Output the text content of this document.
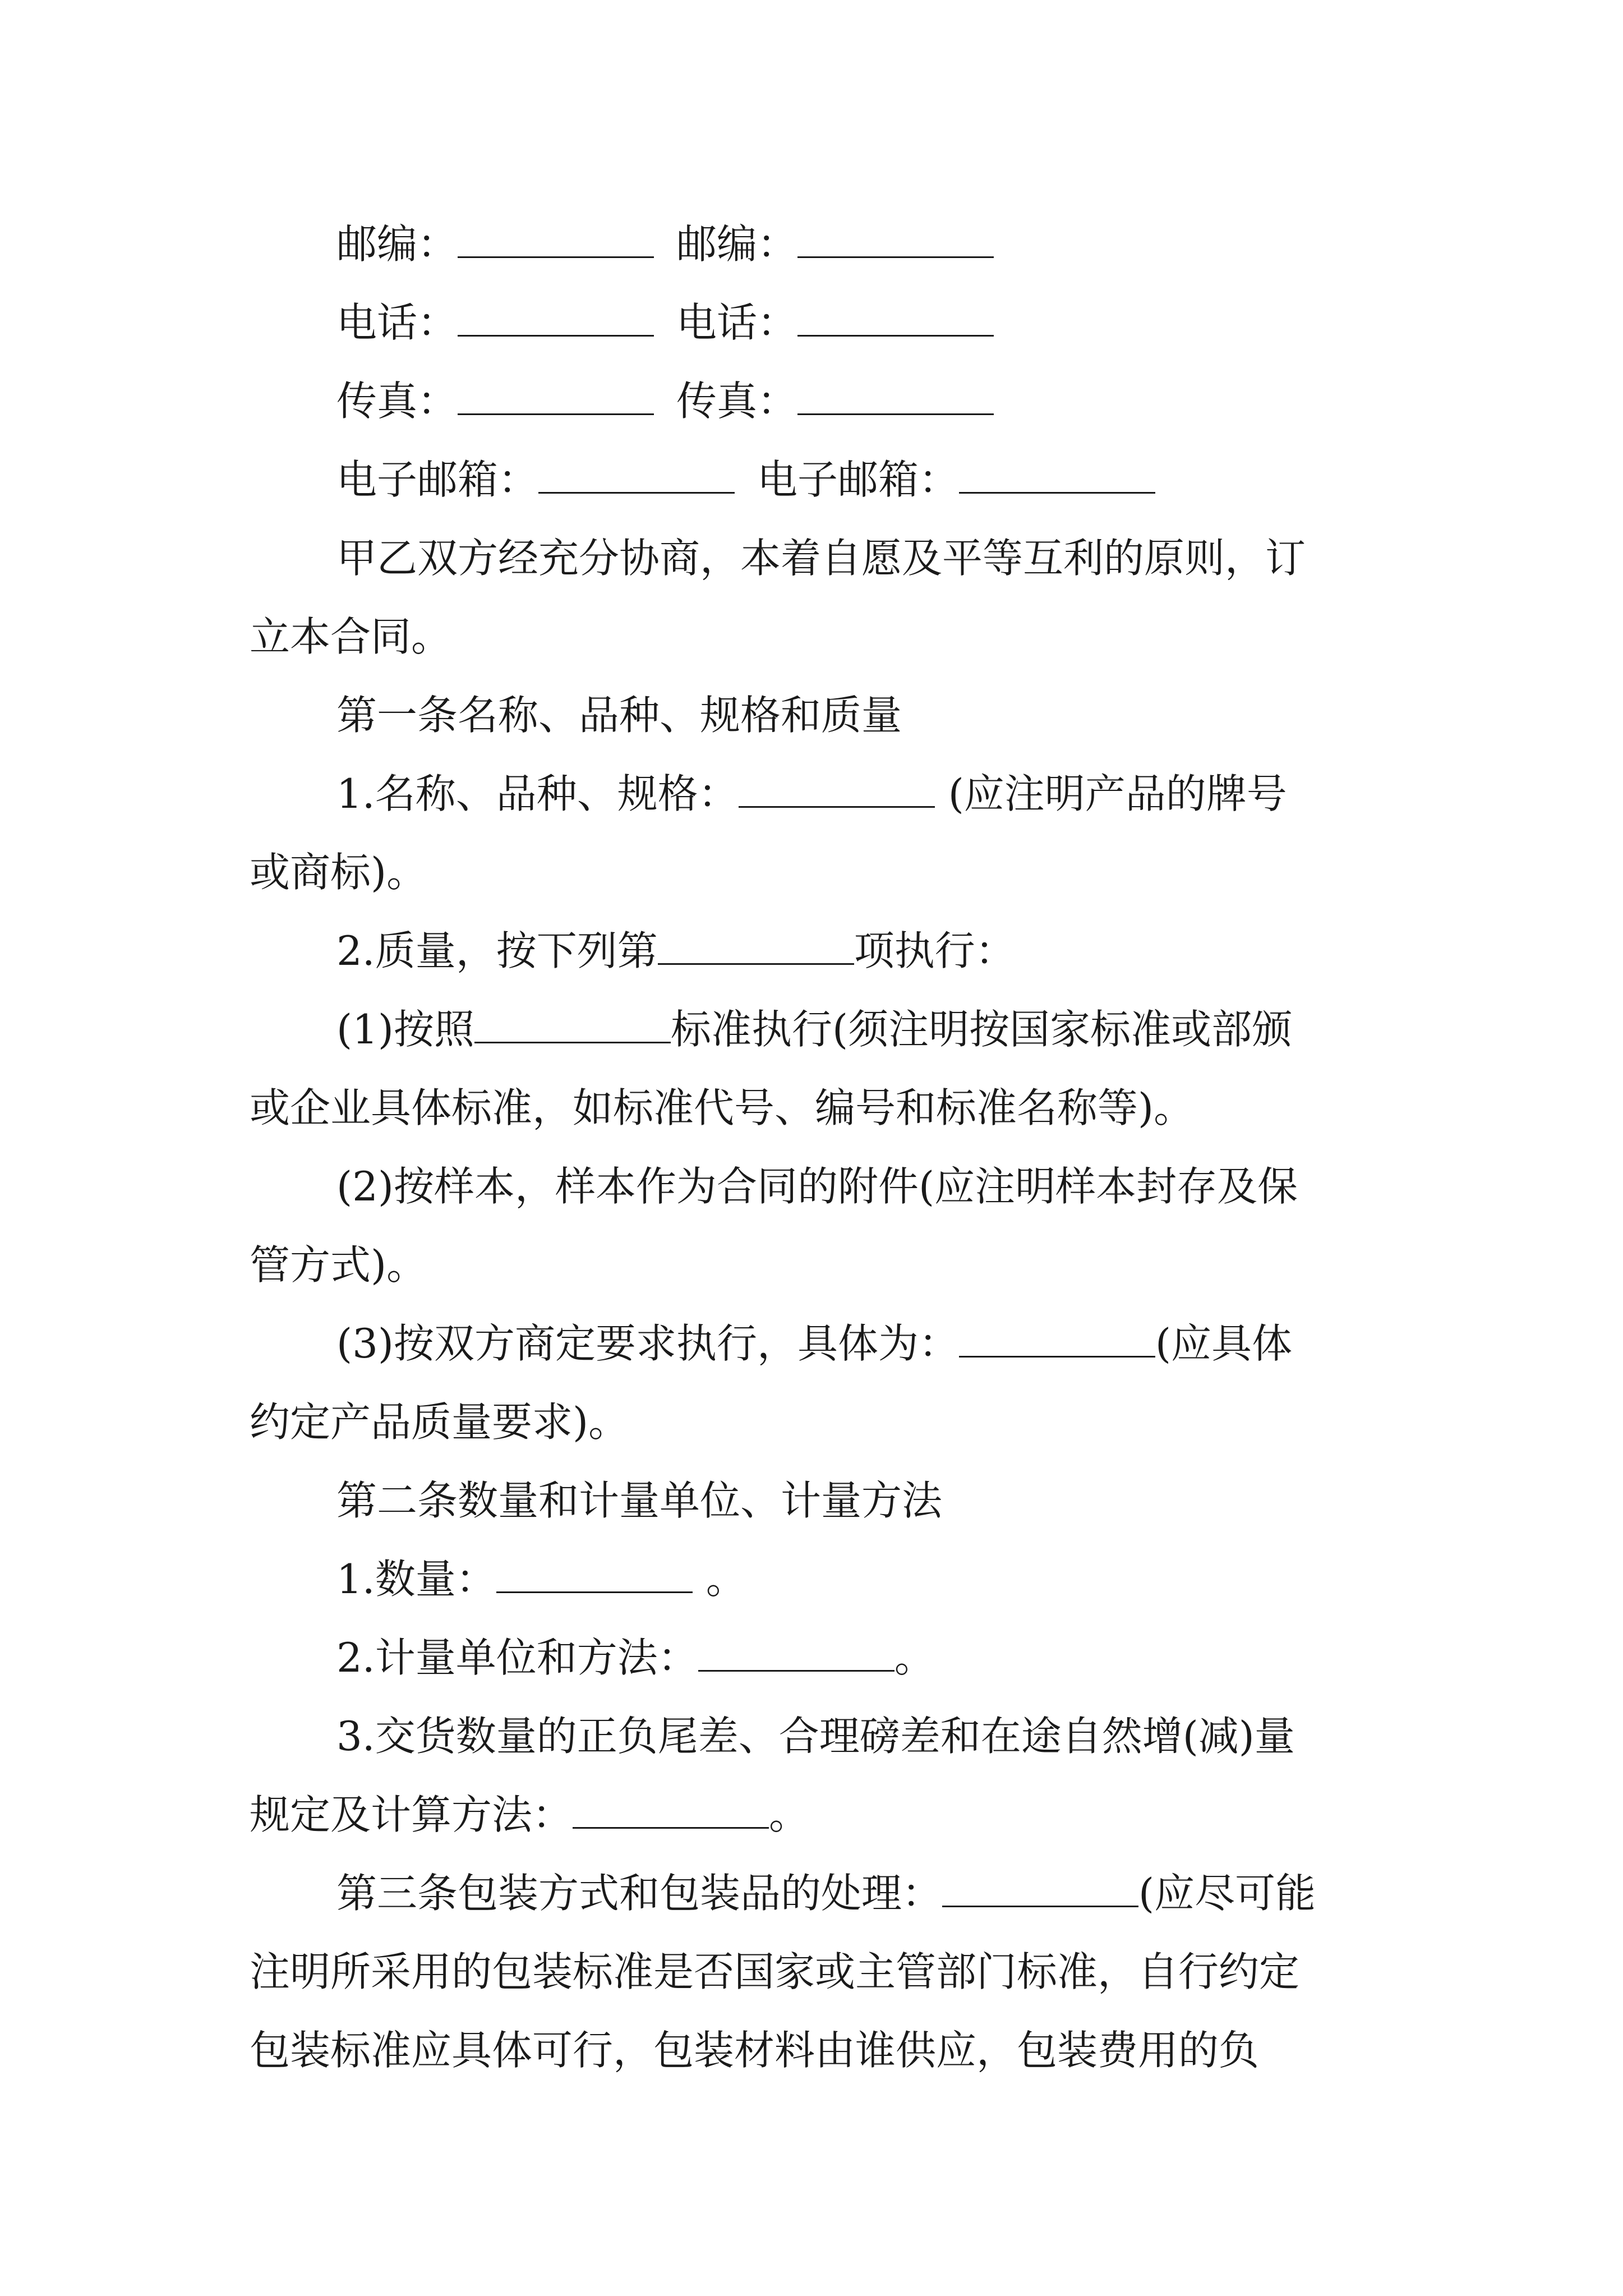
邮编：	邮编：
电话：	电话：
传真：	传真：
电子邮箱：	电子邮箱：
甲乙双方经充分协商，本着自愿及平等互利的原则，订
立本合同。
第一条名称、品种、规格和质量
1.名称、品种、规格：	(应注明产品的牌号
或商标)。
2.质量，按下列第	项执行：
(1)按照	标准执行(须注明按国家标准或部颁
或企业具体标准，如标准代号、编号和标准名称等)。
(2)按样本，样本作为合同的附件(应注明样本封存及保
管方式)。
(3)按双方商定要求执行，具体为：	(应具体
约定产品质量要求)。
第二条数量和计量单位、计量方法
1.数量：	。
2.计量单位和方法：	。
3.交货数量的正负尾差、合理磅差和在途自然增(减)量
规定及计算方法：	。
第三条包装方式和包装品的处理：	(应尽可能
注明所采用的包装标准是否国家或主管部门标准，自行约定
包装标准应具体可行，包装材料由谁供应，包装费用的负
